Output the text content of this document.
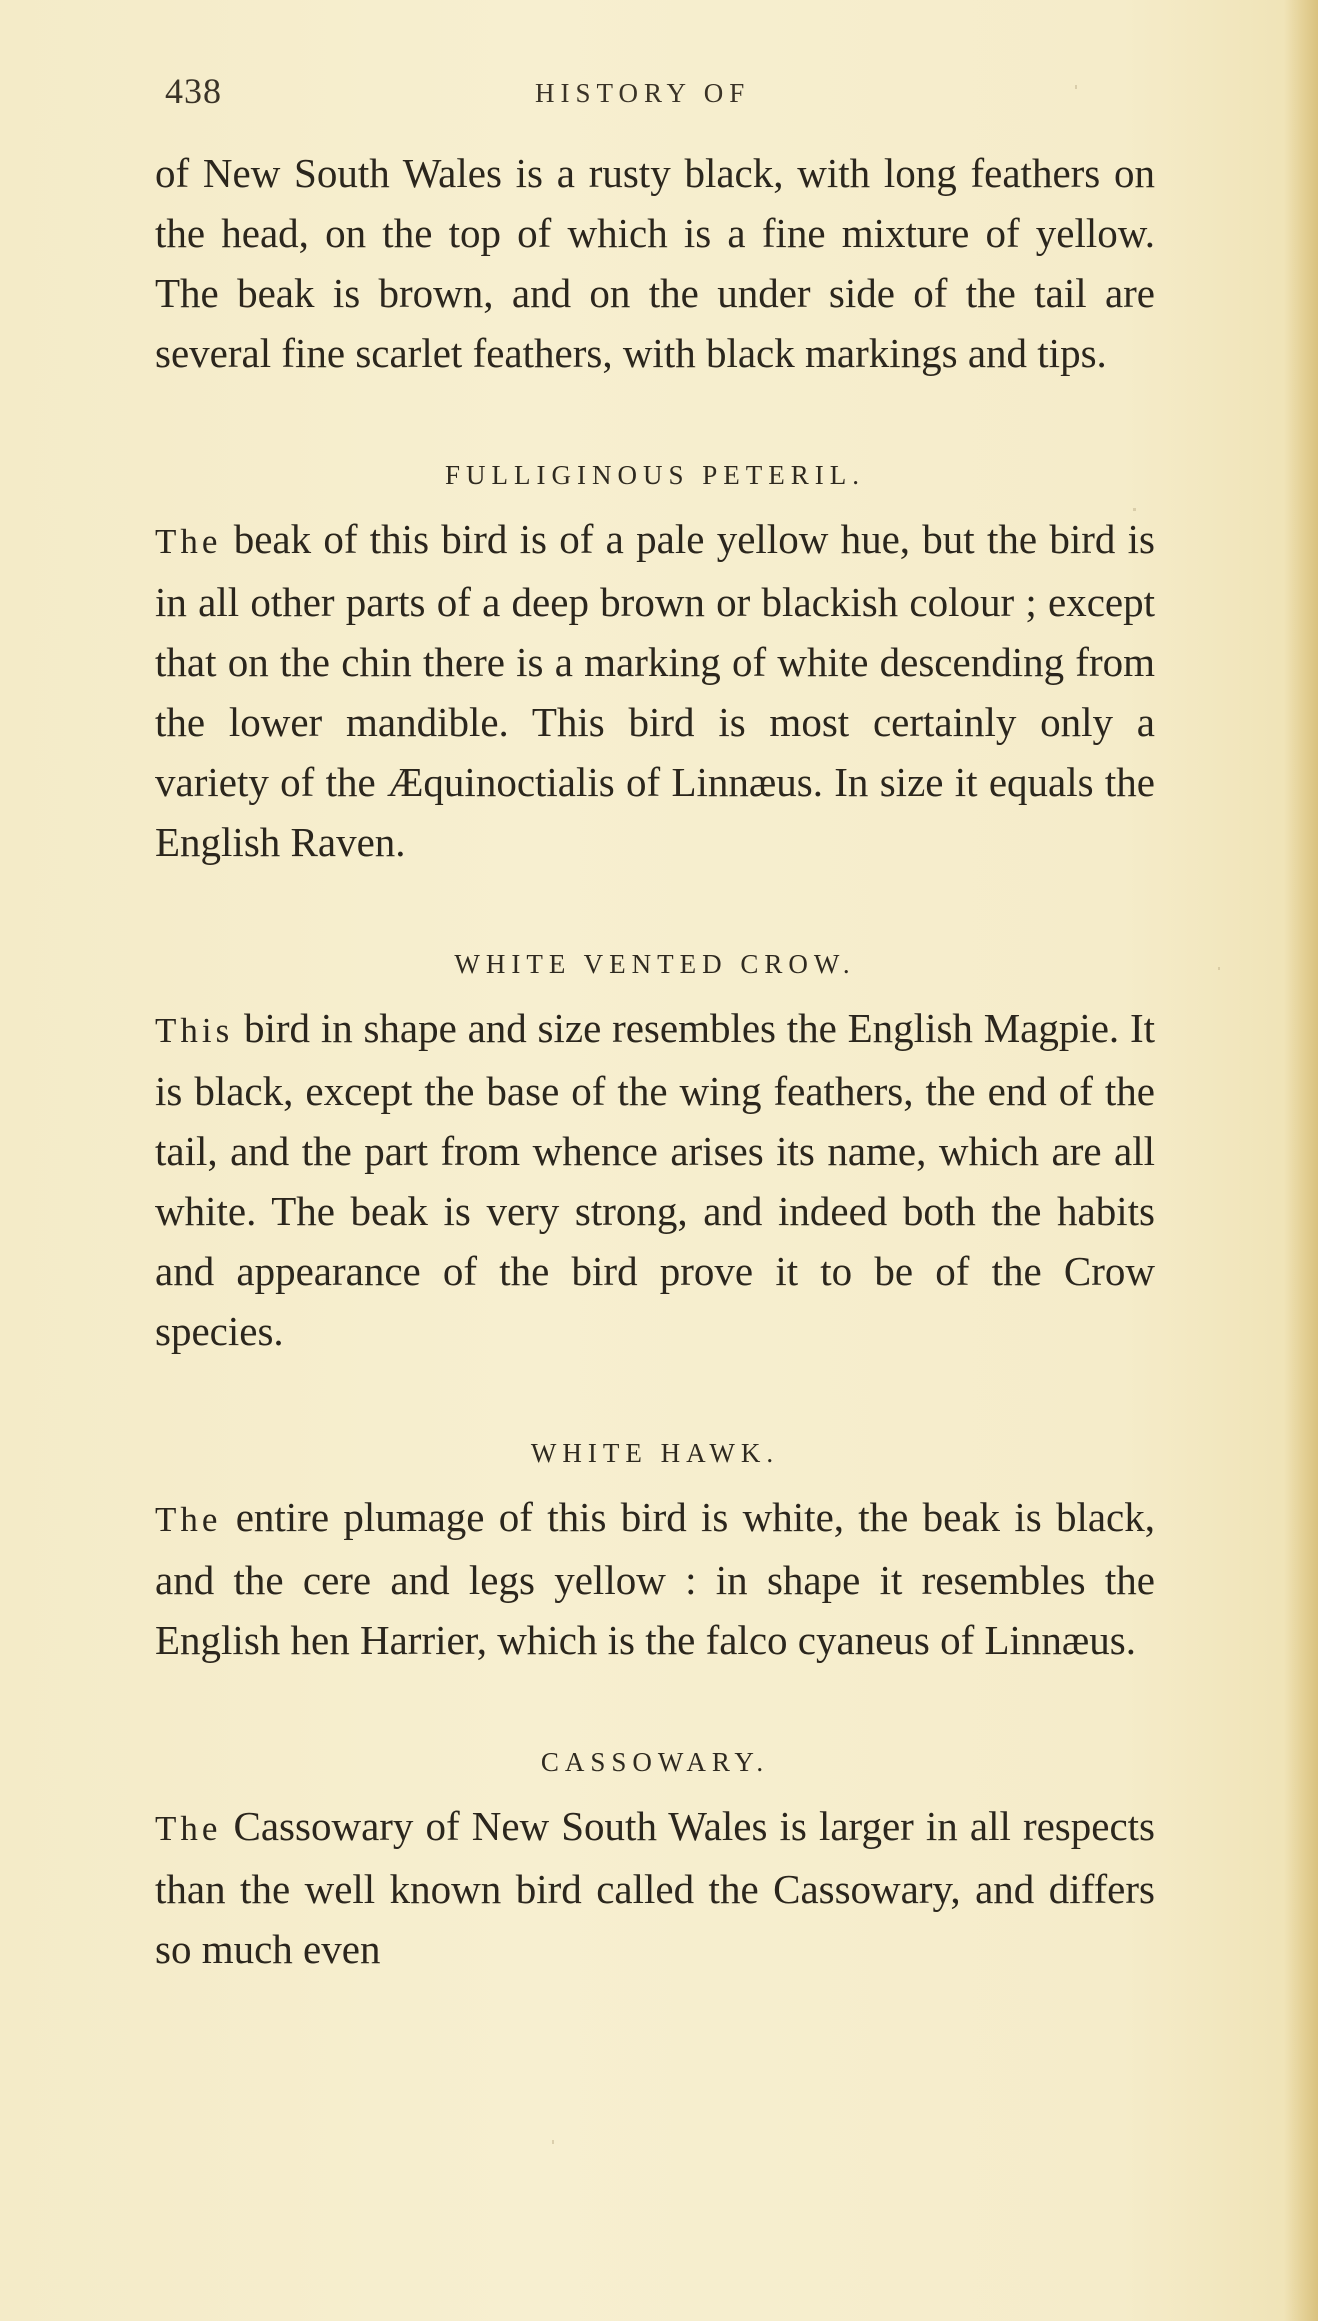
438	HISTORY OF

of New South Wales is a rusty black, with long feathers on the head, on the top of which is a fine mixture of yellow. The beak is brown, and on the under side of the tail are several fine scarlet feathers, with black markings and tips.

FULLIGINOUS PETERIL.

The beak of this bird is of a pale yellow hue, but the bird is in all other parts of a deep brown or blackish colour ; except that on the chin there is a marking of white descending from the lower mandible. This bird is most certainly only a variety of the Æquinoctialis of Linnæus. In size it equals the English Raven.

WHITE VENTED CROW.

This bird in shape and size resembles the English Magpie. It is black, except the base of the wing feathers, the end of the tail, and the part from whence arises its name, which are all white. The beak is very strong, and indeed both the habits and appearance of the bird prove it to be of the Crow species.

WHITE HAWK.

The entire plumage of this bird is white, the beak is black, and the cere and legs yellow : in shape it resembles the English hen Harrier, which is the falco cyaneus of Linnæus.

CASSOWARY.

The Cassowary of New South Wales is larger in all respects than the well known bird called the Cassowary, and differs so much even
